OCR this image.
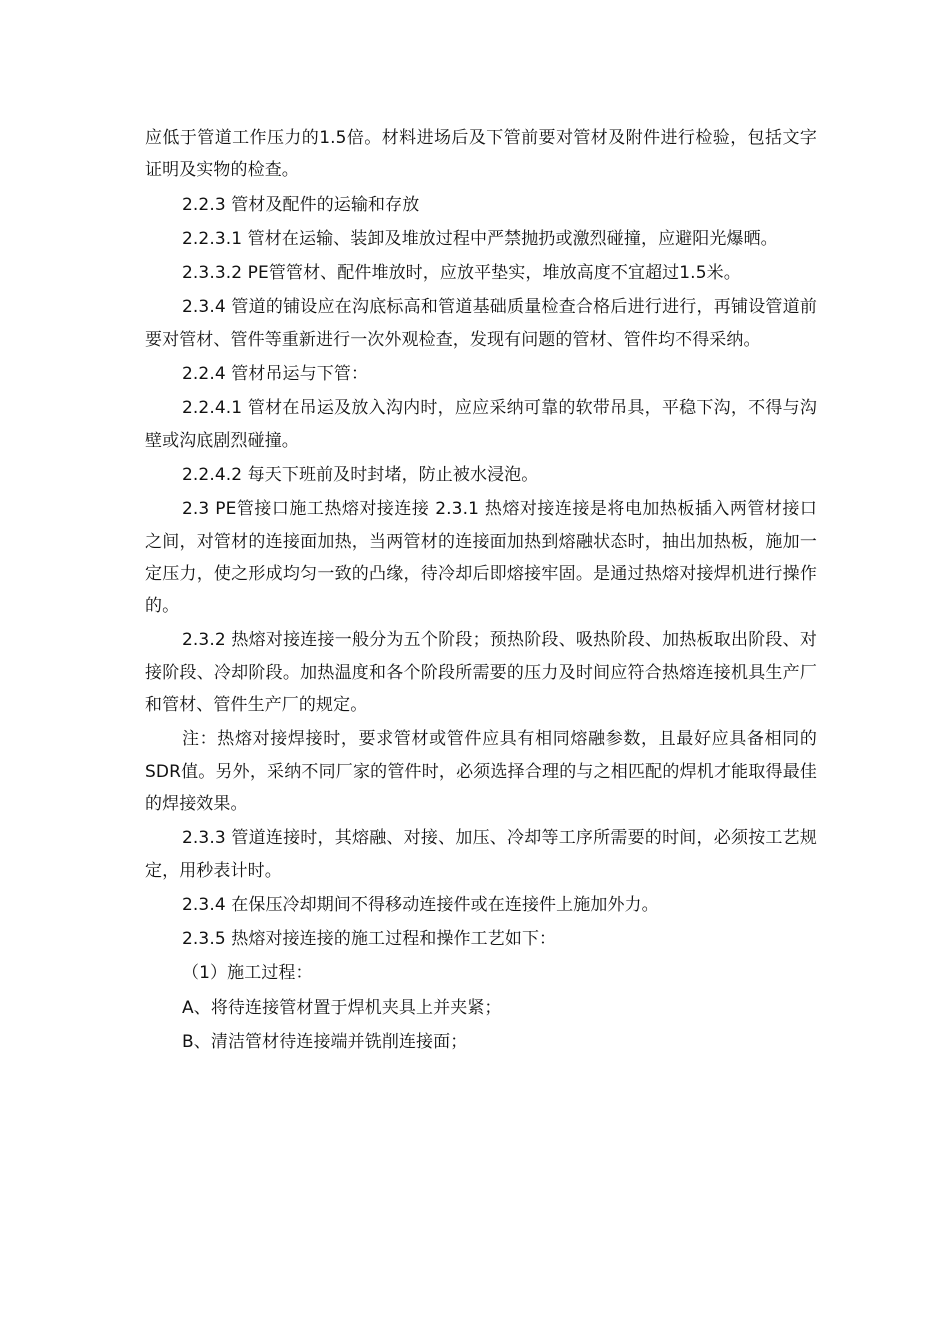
应低于管道工作压力的1.5倍。材料进场后及下管前要对管材及附件进行检验，包括文字证明及实物的检查。

2.2.3 管材及配件的运输和存放

2.2.3.1 管材在运输、装卸及堆放过程中严禁抛扔或激烈碰撞，应避阳光爆晒。

2.3.3.2 PE管管材、配件堆放时，应放平垫实，堆放高度不宜超过1.5米。

2.3.4 管道的铺设应在沟底标高和管道基础质量检查合格后进行进行，再铺设管道前要对管材、管件等重新进行一次外观检查，发现有问题的管材、管件均不得采纳。

2.2.4 管材吊运与下管：

2.2.4.1 管材在吊运及放入沟内时，应应采纳可靠的软带吊具，平稳下沟，不得与沟壁或沟底剧烈碰撞。

2.2.4.2 每天下班前及时封堵，防止被水浸泡。

2.3 PE管接口施工热熔对接连接 2.3.1 热熔对接连接是将电加热板插入两管材接口之间，对管材的连接面加热，当两管材的连接面加热到熔融状态时，抽出加热板，施加一定压力，使之形成均匀一致的凸缘，待冷却后即熔接牢固。是通过热熔对接焊机进行操作的。

2.3.2 热熔对接连接一般分为五个阶段；预热阶段、吸热阶段、加热板取出阶段、对接阶段、冷却阶段。加热温度和各个阶段所需要的压力及时间应符合热熔连接机具生产厂和管材、管件生产厂的规定。

注：热熔对接焊接时，要求管材或管件应具有相同熔融参数，且最好应具备相同的SDR值。另外，采纳不同厂家的管件时，必须选择合理的与之相匹配的焊机才能取得最佳的焊接效果。

2.3.3 管道连接时，其熔融、对接、加压、冷却等工序所需要的时间，必须按工艺规定，用秒表计时。

2.3.4 在保压冷却期间不得移动连接件或在连接件上施加外力。

2.3.5 热熔对接连接的施工过程和操作工艺如下：

（1）施工过程：

A、将待连接管材置于焊机夹具上并夹紧；

B、清洁管材待连接端并铣削连接面；
